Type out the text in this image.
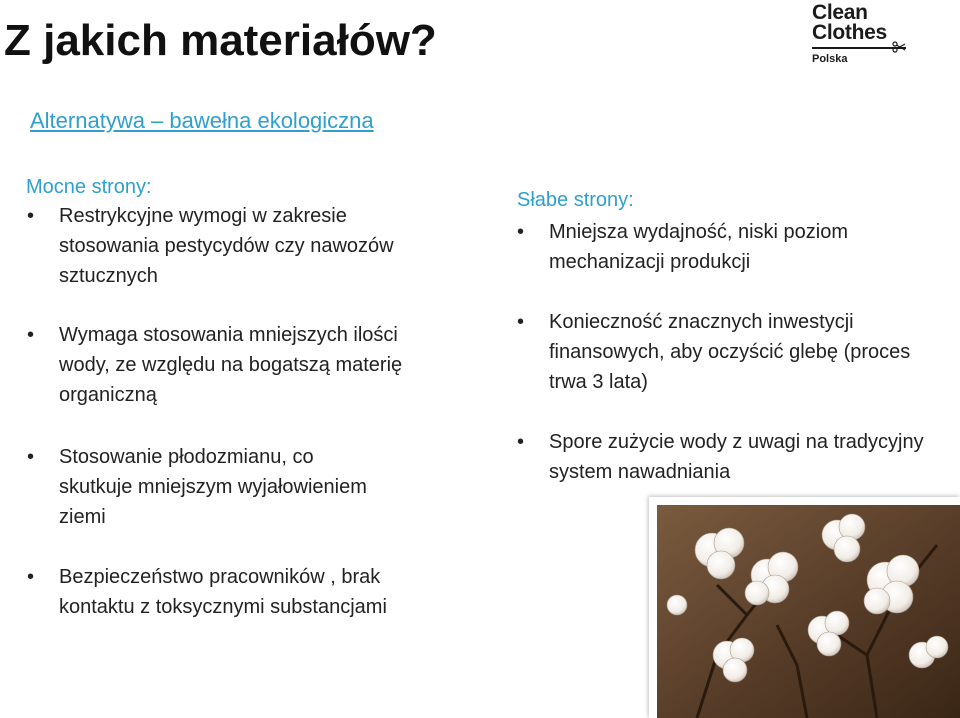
Z jakich materiałów?
Clean
Clothes
Polska
Alternatywa – bawełna ekologiczna
Mocne strony:
•	Restrykcyjne wymogi w zakresie stosowania pestycydów czy nawozów sztucznych
•	Wymaga stosowania mniejszych ilości wody, ze względu na bogatszą materię organiczną
•	Stosowanie płodozmianu, co skutkuje mniejszym wyjałowieniem ziemi
•	Bezpieczeństwo pracowników , brak kontaktu z toksycznymi substancjami
Słabe strony:
•	Mniejsza wydajność, niski poziom mechanizacji produkcji
•	Konieczność znacznych inwestycji finansowych, aby oczyścić glebę (proces trwa 3 lata)
•	Spore zużycie wody z uwagi na tradycyjny system nawadniania
